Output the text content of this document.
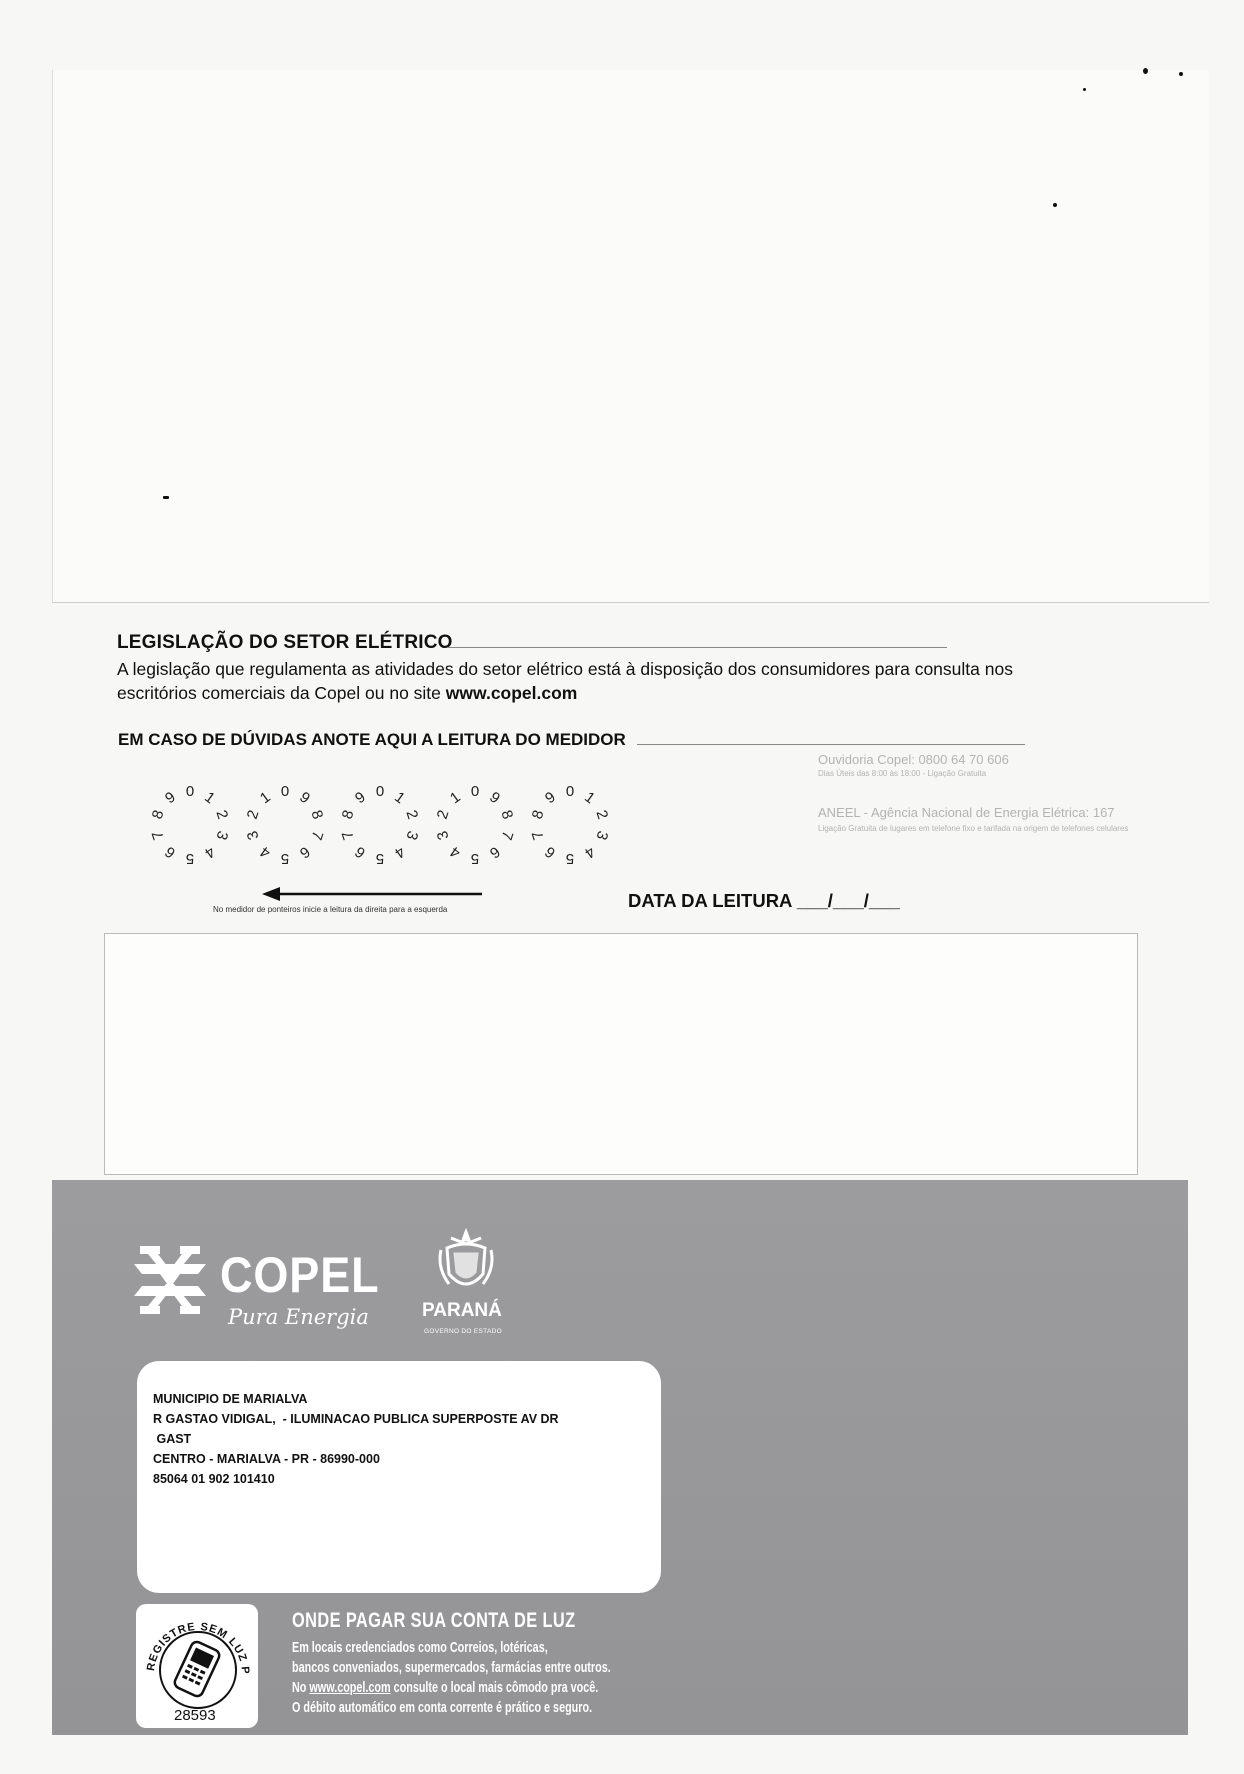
LEGISLAÇÃO DO SETOR ELÉTRICO
A legislação que regulamenta as atividades do setor elétrico está à disposição dos consumidores para consulta nos
escritórios comerciais da Copel ou no site www.copel.com
EM CASO DE DÚVIDAS ANOTE AQUI A LEITURA DO MEDIDOR
Ouvidoria Copel: 0800 64 70 606
Dias Úteis das 8:00 às 18:00 - Ligação Gratuita
ANEEL - Agência Nacional de Energia Elétrica: 167
Ligação Gratuita de lugares em telefone fixo e tarifada na origem de telefones celulares
0 1
2
3
4
5
6
7
8
9	0
1
2
3
4 5 6
7
8
9	0 1
2
3
4
5
6
7
8
9	0
1
2
3
4 5 6
7
8
9	0 1
2
3
4
5
6
7
8
9
No medidor de ponteiros inicie a leitura da direita para a esquerda	DATA DA LEITURA ___/___/___
COPEL
Pura Energia	PARANÁ
GOVERNO DO ESTADO
MUNICIPIO DE MARIALVA
R GASTAO VIDIGAL,  - ILUMINACAO PUBLICA SUPERPOSTE AV DR
GAST
CENTRO - MARIALVA - PR - 86990-000
85064 01 902 101410
REGISTRE SEM LUZ P
28593
ONDE PAGAR SUA CONTA DE LUZ
Em locais credenciados como Correios, lotéricas,
bancos conveniados, supermercados, farmácias entre outros.
No www.copel.com consulte o local mais cômodo pra você.
O débito automático em conta corrente é prático e seguro.
